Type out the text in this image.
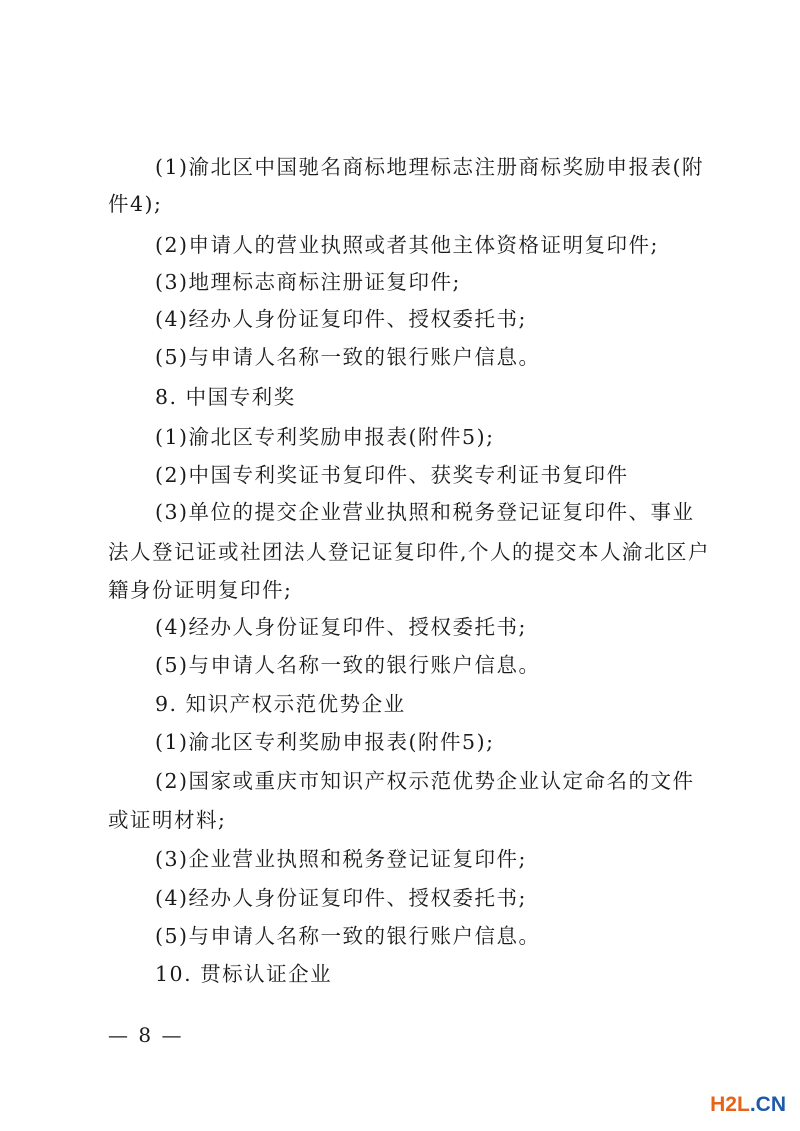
(1)渝北区中国驰名商标地理标志注册商标奖励申报表(附
件4);
(2)申请人的营业执照或者其他主体资格证明复印件;
(3)地理标志商标注册证复印件;
(4)经办人身份证复印件、授权委托书;
(5)与申请人名称一致的银行账户信息。
8. 中国专利奖
(1)渝北区专利奖励申报表(附件5);
(2)中国专利奖证书复印件、获奖专利证书复印件
(3)单位的提交企业营业执照和税务登记证复印件、事业
法人登记证或社团法人登记证复印件,个人的提交本人渝北区户
籍身份证明复印件;
(4)经办人身份证复印件、授权委托书;
(5)与申请人名称一致的银行账户信息。
9. 知识产权示范优势企业
(1)渝北区专利奖励申报表(附件5);
(2)国家或重庆市知识产权示范优势企业认定命名的文件
或证明材料;
(3)企业营业执照和税务登记证复印件;
(4)经办人身份证复印件、授权委托书;
(5)与申请人名称一致的银行账户信息。
10. 贯标认证企业
— 8 —
H2L.CN
